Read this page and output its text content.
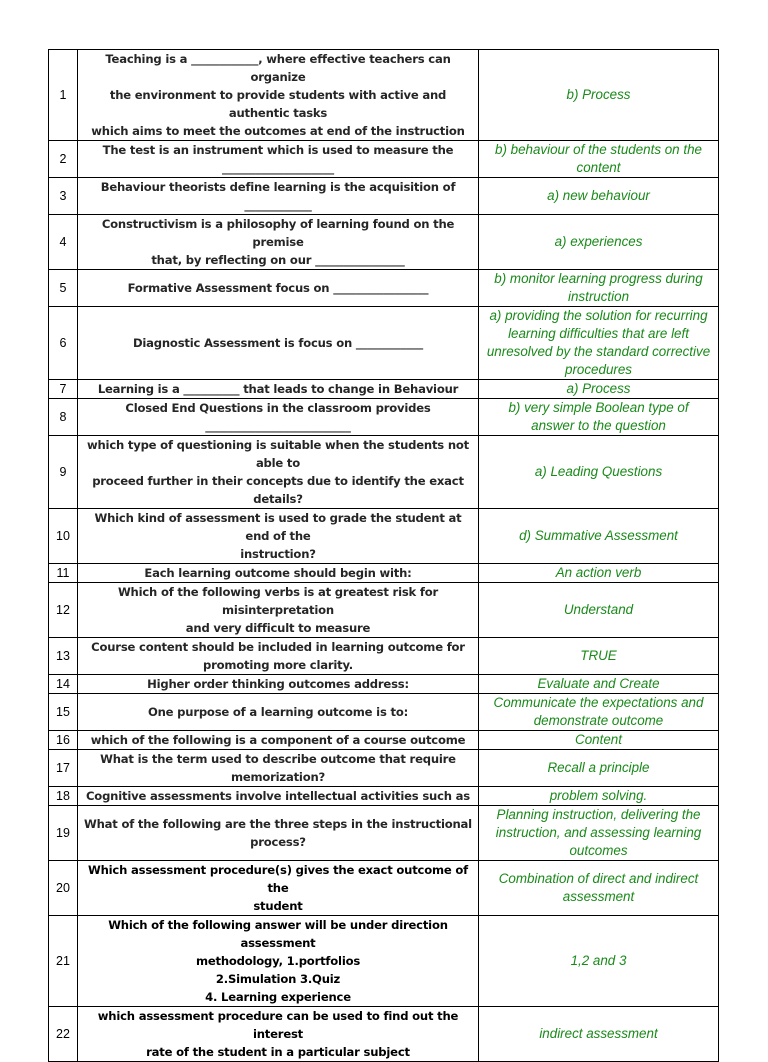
1	Teaching is a ____________, where effective teachers can organize
the environment to provide students with active and authentic tasks
which aims to meet the outcomes at end of the instruction	b) Process

2	The test is an instrument which is used to measure the
____________________	b) behaviour of the students on the
content

3	Behaviour theorists define learning is the acquisition of
____________	a) new behaviour

4	Constructivism is a philosophy of learning found on the premise
that, by reflecting on our ________________	a) experiences

5	Formative Assessment focus on _________________	b) monitor learning progress during
instruction

6	Diagnostic Assessment is focus on ____________	a) providing the solution for recurring
learning difficulties that are left
unresolved by the standard corrective
procedures

7	Learning is a __________ that leads to change in Behaviour	a) Process

8	Closed End Questions in the classroom provides
__________________________	b) very simple Boolean type of
answer to the question

9	which type of questioning is suitable when the students not able to
proceed further in their concepts due to identify the exact details?	a) Leading Questions

10	Which kind of assessment is used to grade the student at end of the
instruction?	d) Summative Assessment

11	Each learning outcome should begin with:	An action verb

12	Which of the following verbs is at greatest risk for misinterpretation
and very difficult to measure	Understand

13	Course content should be included in learning outcome for
promoting more clarity.	TRUE

14	Higher order thinking outcomes address:	Evaluate and Create

15	One purpose of a learning outcome is to:	Communicate the expectations and
demonstrate outcome

16	which of the following is a component of a course outcome	Content

17	What is the term used to describe outcome that require
memorization?	Recall a principle

18	Cognitive assessments involve intellectual activities such as	problem solving.

19	What of the following are the three steps in the instructional
process?	Planning instruction, delivering the
instruction, and assessing learning
outcomes

20	Which assessment procedure(s) gives the exact outcome of the
student	Combination of direct and indirect
assessment

21	Which of the following answer will be under direction assessment
methodology, 1.portfolios
2.Simulation 3.Quiz
4. Learning experience	1,2 and 3

22	which assessment procedure can be used to find out the interest
rate of the student in a particular subject	indirect assessment
